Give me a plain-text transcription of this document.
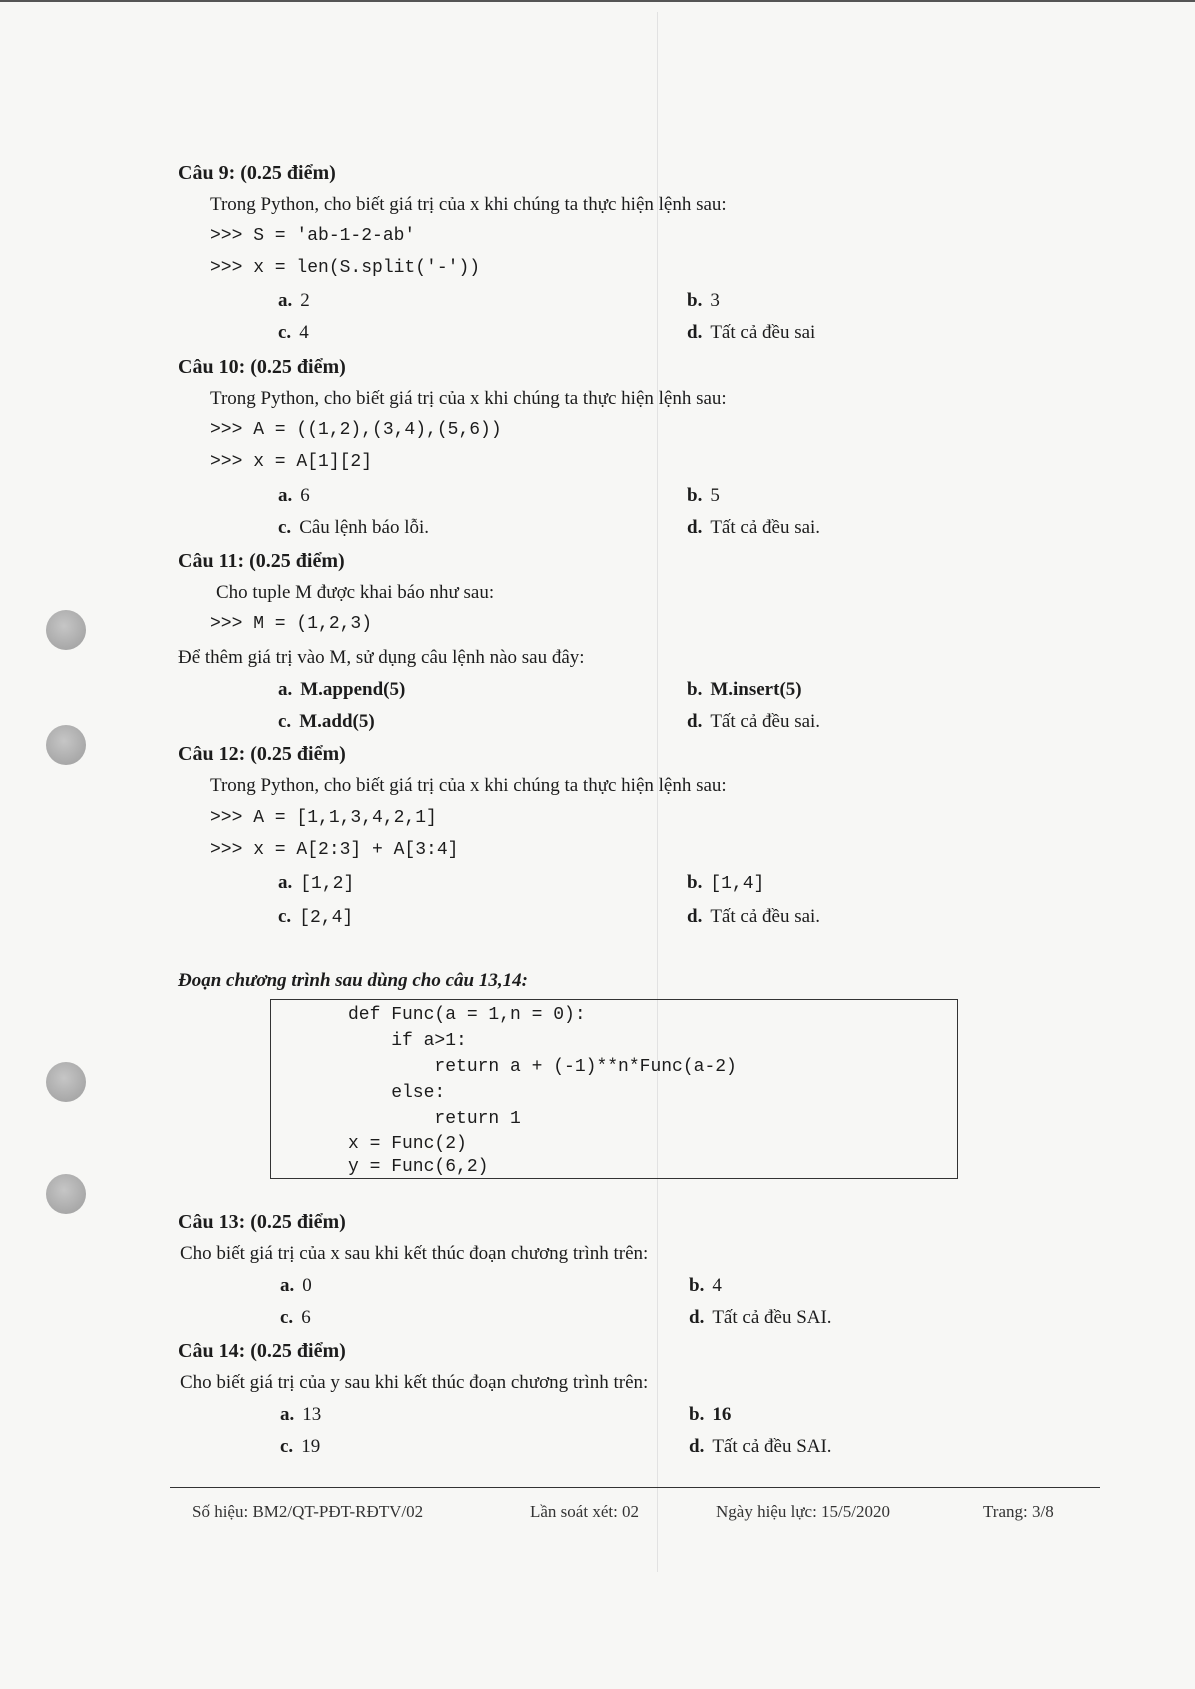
Câu 9: (0.25 điểm)
Trong Python, cho biết giá trị của x khi chúng ta thực hiện lệnh sau:
>>> S = 'ab-1-2-ab'
>>> x = len(S.split('-'))
a. 2	b. 3
c. 4	d. Tất cả đều sai
Câu 10: (0.25 điểm)
Trong Python, cho biết giá trị của x khi chúng ta thực hiện lệnh sau:
>>> A = ((1,2),(3,4),(5,6))
>>> x = A[1][2]
a. 6	b. 5
c. Câu lệnh báo lỗi.	d. Tất cả đều sai.
Câu 11: (0.25 điểm)
Cho tuple M được khai báo như sau:
>>> M = (1,2,3)
Để thêm giá trị vào M, sử dụng câu lệnh nào sau đây:
a. M.append(5)	b. M.insert(5)
c. M.add(5)	d. Tất cả đều sai.
Câu 12: (0.25 điểm)
Trong Python, cho biết giá trị của x khi chúng ta thực hiện lệnh sau:
>>> A = [1,1,3,4,2,1]
>>> x = A[2:3] + A[3:4]
a. [1,2]	b. [1,4]
c. [2,4]	d. Tất cả đều sai.
Đoạn chương trình sau dùng cho câu 13,14:
def Func(a = 1,n = 0):
if a>1:
return a + (-1)**n*Func(a-2)
else:
return 1
x = Func(2)
y = Func(6,2)
Câu 13: (0.25 điểm)
Cho biết giá trị của x sau khi kết thúc đoạn chương trình trên:
a. 0	b. 4
c. 6	d. Tất cả đều SAI.
Câu 14: (0.25 điểm)
Cho biết giá trị của y sau khi kết thúc đoạn chương trình trên:
a. 13	b. 16
c. 19	d. Tất cả đều SAI.
Số hiệu: BM2/QT-PĐT-RĐTV/02	Lần soát xét: 02	Ngày hiệu lực: 15/5/2020	Trang: 3/8
